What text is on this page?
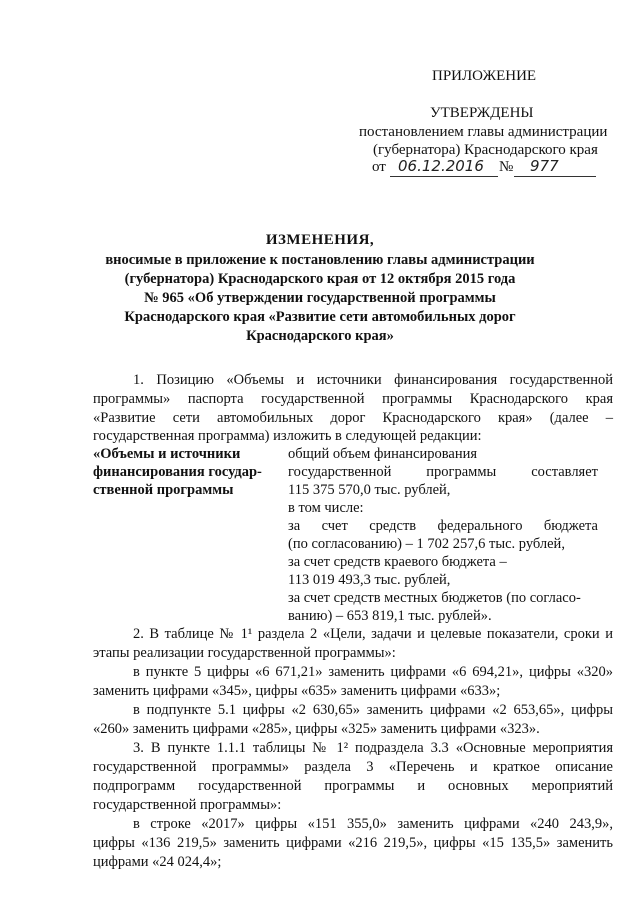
ПРИЛОЖЕНИЕ
УТВЕРЖДЕНЫ
постановлением главы администрации
(губернатора) Краснодарского края
от 06.12.2016 № 977
ИЗМЕНЕНИЯ,
вносимые в приложение к постановлению главы администрации
(губернатора) Краснодарского края от 12 октября 2015 года
№ 965 «Об утверждении государственной программы
Краснодарского края «Развитие сети автомобильных дорог
Краснодарского края»
1. Позицию «Объемы и источники финансирования государственной
программы» паспорта государственной программы Краснодарского края
«Развитие сети автомобильных дорог Краснодарского края» (далее –
государственная программа) изложить в следующей редакции:
«Объемы и источники
финансирования государ-
ственной программы
общий объем финансирования
государственной программы составляет
115 375 570,0 тыс. рублей,
в том числе:
за счет средств федерального бюджета
(по согласованию) – 1 702 257,6 тыс. рублей,
за счет средств краевого бюджета –
113 019 493,3 тыс. рублей,
за счет средств местных бюджетов (по согласо-
ванию) – 653 819,1 тыс. рублей».
2. В таблице № 1¹ раздела 2 «Цели, задачи и целевые показатели, сроки и
этапы реализации государственной программы»:
в пункте 5 цифры «6 671,21» заменить цифрами «6 694,21», цифры «320»
заменить цифрами «345», цифры «635» заменить цифрами «633»;
в подпункте 5.1 цифры «2 630,65» заменить цифрами «2 653,65», цифры
«260» заменить цифрами «285», цифры «325» заменить цифрами «323».
3. В пункте 1.1.1 таблицы № 1² подраздела 3.3 «Основные мероприятия
государственной программы» раздела 3 «Перечень и краткое описание
подпрограмм государственной программы и основных мероприятий
государственной программы»:
в строке «2017» цифры «151 355,0» заменить цифрами «240 243,9»,
цифры «136 219,5» заменить цифрами «216 219,5», цифры «15 135,5» заменить
цифрами «24 024,4»;
